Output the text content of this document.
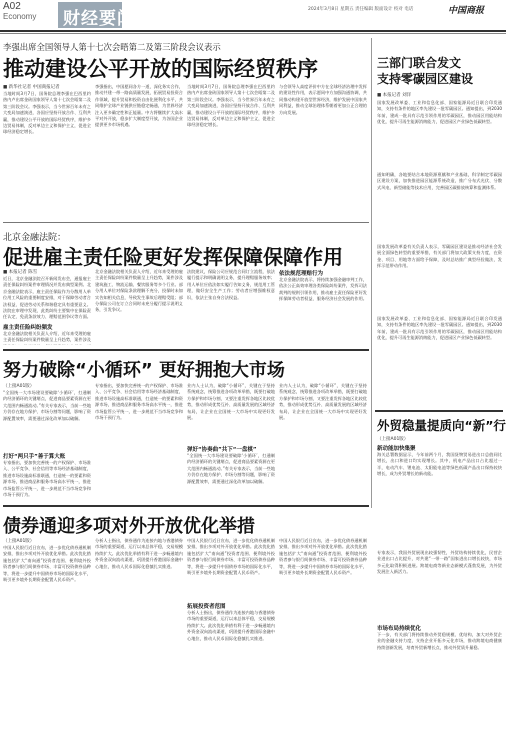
A02
Economy 财经要闻	2024年3月8日 星期五 责任编辑 版面设计 校对 电话	中国商报
李强出席全国领导人第十七次会晤第二及第三阶段会议表示
推动建设公平开放的国际经贸秩序
■ 新华社记者 中国商报记者
当地时间3月7日，国务院总理李强在巴西里约热内卢出席金砖国家领导人第十七次会晤第二及第三阶段会议。李强表示，当今世界百年未有之大变局加速演进，各国应坚持开放合作、互利共赢，推动建设公平开放的国际经贸秩序，维护多边贸易体制，反对单边主义和保护主义，促进全球经济稳定增长。
李强指出，中国愿同各方一道，深化务实合作，推动共建一带一路高质量发展，拓展贸易投资合作领域，提升贸易和投资自由化便利化水平，共同维护全球产业链供应链稳定畅通，为世界经济注入更多确定性和正能量。中方将继续扩大高水平对外开放，稳步扩大制度型开放，为各国企业提供更多市场机遇。
当地时间3月7日，国务院总理李强在巴西里约热内卢出席金砖国家领导人第十七次会晤第二及第三阶段会议。李强表示，当今世界百年未有之大变局加速演进，各国应坚持开放合作、互利共赢，推动建设公平开放的国际经贸秩序，维护多边贸易体制，反对单边主义和保护主义，促进全球经济稳定增长。
与会领导人高度评价中方在全球经济治理中发挥的建设性作用，表示愿同中方加强沟通协调，共同推动构建开放型世界经济，维护发展中国家共同利益，推动全球治理体系朝着更加公正合理的方向发展。
三部门联合发文
支持零碳园区建设
■ 本报记者 刘洋
国家发展改革委、工业和信息化部、国家能源局近日联合印发通知，支持有条件的地区率先建设一批零碳园区。通知提出，到2030年前，建成一批具有示范引领作用的零碳园区，推动园区用能结构优化，提升可再生能源消纳能力，促进园区产业绿色低碳转型。
通知明确，各地要结合本地资源禀赋和产业基础，科学制定零碳园区建设方案，加快推进园区能源系统改造，推广分布式光伏、分散式风电、新型储能等技术应用，完善园区碳排放核算和监测体系。
国家发展改革委有关负责人表示，零碳园区建设是推动经济社会发展全面绿色转型的重要举措，有关部门将加大政策支持力度，在资金、项目、用地等方面给予保障，及时总结推广典型经验做法，发挥示范带动作用。
国家发展改革委、工业和信息化部、国家能源局近日联合印发通知，支持有条件的地区率先建设一批零碳园区。通知提出，到2030年前，建成一批具有示范引领作用的零碳园区，推动园区用能结构优化，提升可再生能源消纳能力，促进园区产业绿色低碳转型。
北京金融法院：
促进雇主责任险更好发挥保障保障作用
■ 本报记者 陈雪
近日，北京金融法院召开新闻发布会，通报雇主责任保险纠纷案件审理情况并发布典型案例。北京金融法院表示，雇主责任保险作为分散用人单位用工风险的重要制度安排，对于保障劳动者合法权益、促进劳动关系和谐稳定具有重要意义。法院在审理中发现，此类纠纷主要集中在保险责任认定、免责条款效力、理赔范围争议等方面。
雇主责任险纠纷频发
北京金融法院相关负责人介绍，近年来受理的雇主责任保险纠纷案件数量呈上升趋势，案件涉及
北京金融法院相关负责人介绍，近年来受理的雇主责任保险纠纷案件数量呈上升趋势，案件涉及建筑施工、物流运输、餐饮服务等多个行业。部分用人单位对保险条款理解不充分，投保时未如实告知相关信息，导致发生事故后理赔受阻；部分保险公司在订立合同时未充分履行提示说明义务，引发争议。
法院建议，保险公司应规范合同订立流程，依法履行提示和明确说明义务，提升理赔服务效率；用人单位应依法如实履行告知义务，规范用工管理，做好安全生产工作；劳动者应增强维权意识，依法主张自身合法权益。
依法规范理赔行为
北京金融法院表示，将持续加强金融审判工作，依法公正高效审理各类保险纠纷案件，发挥司法裁判的规则引领作用，推动雇主责任保险更好发挥保障劳动者权益、服务经济社会发展的作用。
努力破除“小循环” 更好拥抱大市场
（上接A01版）
“全国统一大市场建设要破除‘小循环’，打通制约经济循环的关键堵点，促进商品要素资源在更大范围内畅通流动。”有关专家表示，当前一些地方仍存在地方保护、市场分割等问题，影响了资源配置效率，需要通过深化改革加以破解。
打好“两只手”善于算大账
专家指出，要加快完善统一的产权保护、市场准入、公平竞争、社会信用等市场经济基础制度，推进市场设施高标准联通，打造统一的要素和资源市场，推进商品和服务市场高水平统一，推进市场监管公平统一，进一步规范不当市场竞争和市场干预行为。
专家指出，要加快完善统一的产权保护、市场准入、公平竞争、社会信用等市场经济基础制度，推进市场设施高标准联通，打造统一的要素和资源市场，推进商品和服务市场高水平统一，推进市场监管公平统一，进一步规范不当市场竞争和市场干预行为。
业内人士认为，破除“小循环”，关键在于坚持系统观念，统筹推进各项改革举措，既要打破地方保护和市场分割，又要注重发挥各地区比较优势，推动形成优势互补、高质量发展的区域经济布局，让企业在全国统一大市场中实现更好发展。
弹好“协奏曲”共下“一盘棋”
“全国统一大市场建设要破除‘小循环’，打通制约经济循环的关键堵点，促进商品要素资源在更大范围内畅通流动。”有关专家表示，当前一些地方仍存在地方保护、市场分割等问题，影响了资源配置效率，需要通过深化改革加以破解。
业内人士认为，破除“小循环”，关键在于坚持系统观念，统筹推进各项改革举措，既要打破地方保护和市场分割，又要注重发挥各地区比较优势，推动形成优势互补、高质量发展的区域经济布局，让企业在全国统一大市场中实现更好发展。
外贸稳量提质向“新”行
（上接A01版）
新动能加快集聚
海关总署数据显示，今年前两个月，我国货物贸易进出口总值同比增长，出口和进口均实现增长。其中，机电产品出口占比超过一半，电动汽车、锂电池、太阳能电池等绿色低碳产品出口保持较快增长，成为外贸增长的新动能。
专家表示，我国外贸展现出较强韧性，外贸结构持续优化，民营企业进出口占比提升，对共建“一带一路”国家进出口增长较快，市场多元化取得积极进展。跨境电商等新业态新模式蓬勃发展，为外贸发展注入新活力。
市场布局持续优化
下一步，有关部门将持续推动外贸稳规模、优结构，加大对外贸企业的金融支持力度，支持企业开拓多元化市场，推动跨境电商健康持续创新发展，培育外贸新增长点，推动外贸质升量稳。
债券通迎多项对外开放优化举措
（上接A01版）
中国人民银行近日宣布，进一步优化债券通机制安排，推出多项对外开放优化举措。此次优化措施包括扩大“南向通”投资者范围、便利境外投资者参与银行间债券市场、丰富可投资债券品种等，将进一步提升中国债券市场的国际化水平，吸引更多境外长期资金配置人民币资产。
分析人士指出，债券通作为连接内地与香港债券市场的重要渠道，运行以来总体平稳，交易规模持续扩大。此次优化举措有利于进一步畅通境内外资金双向流动渠道，巩固提升香港国际金融中心地位，推动人民币国际化稳慎扎实推进。
中国人民银行近日宣布，进一步优化债券通机制安排，推出多项对外开放优化举措。此次优化措施包括扩大“南向通”投资者范围、便利境外投资者参与银行间债券市场、丰富可投资债券品种等，将进一步提升中国债券市场的国际化水平，吸引更多境外长期资金配置人民币资产。
拓展投资者范围
分析人士指出，债券通作为连接内地与香港债券市场的重要渠道，运行以来总体平稳，交易规模持续扩大。此次优化举措有利于进一步畅通境内外资金双向流动渠道，巩固提升香港国际金融中心地位，推动人民币国际化稳慎扎实推进。
中国人民银行近日宣布，进一步优化债券通机制安排，推出多项对外开放优化举措。此次优化措施包括扩大“南向通”投资者范围、便利境外投资者参与银行间债券市场、丰富可投资债券品种等，将进一步提升中国债券市场的国际化水平，吸引更多境外长期资金配置人民币资产。
